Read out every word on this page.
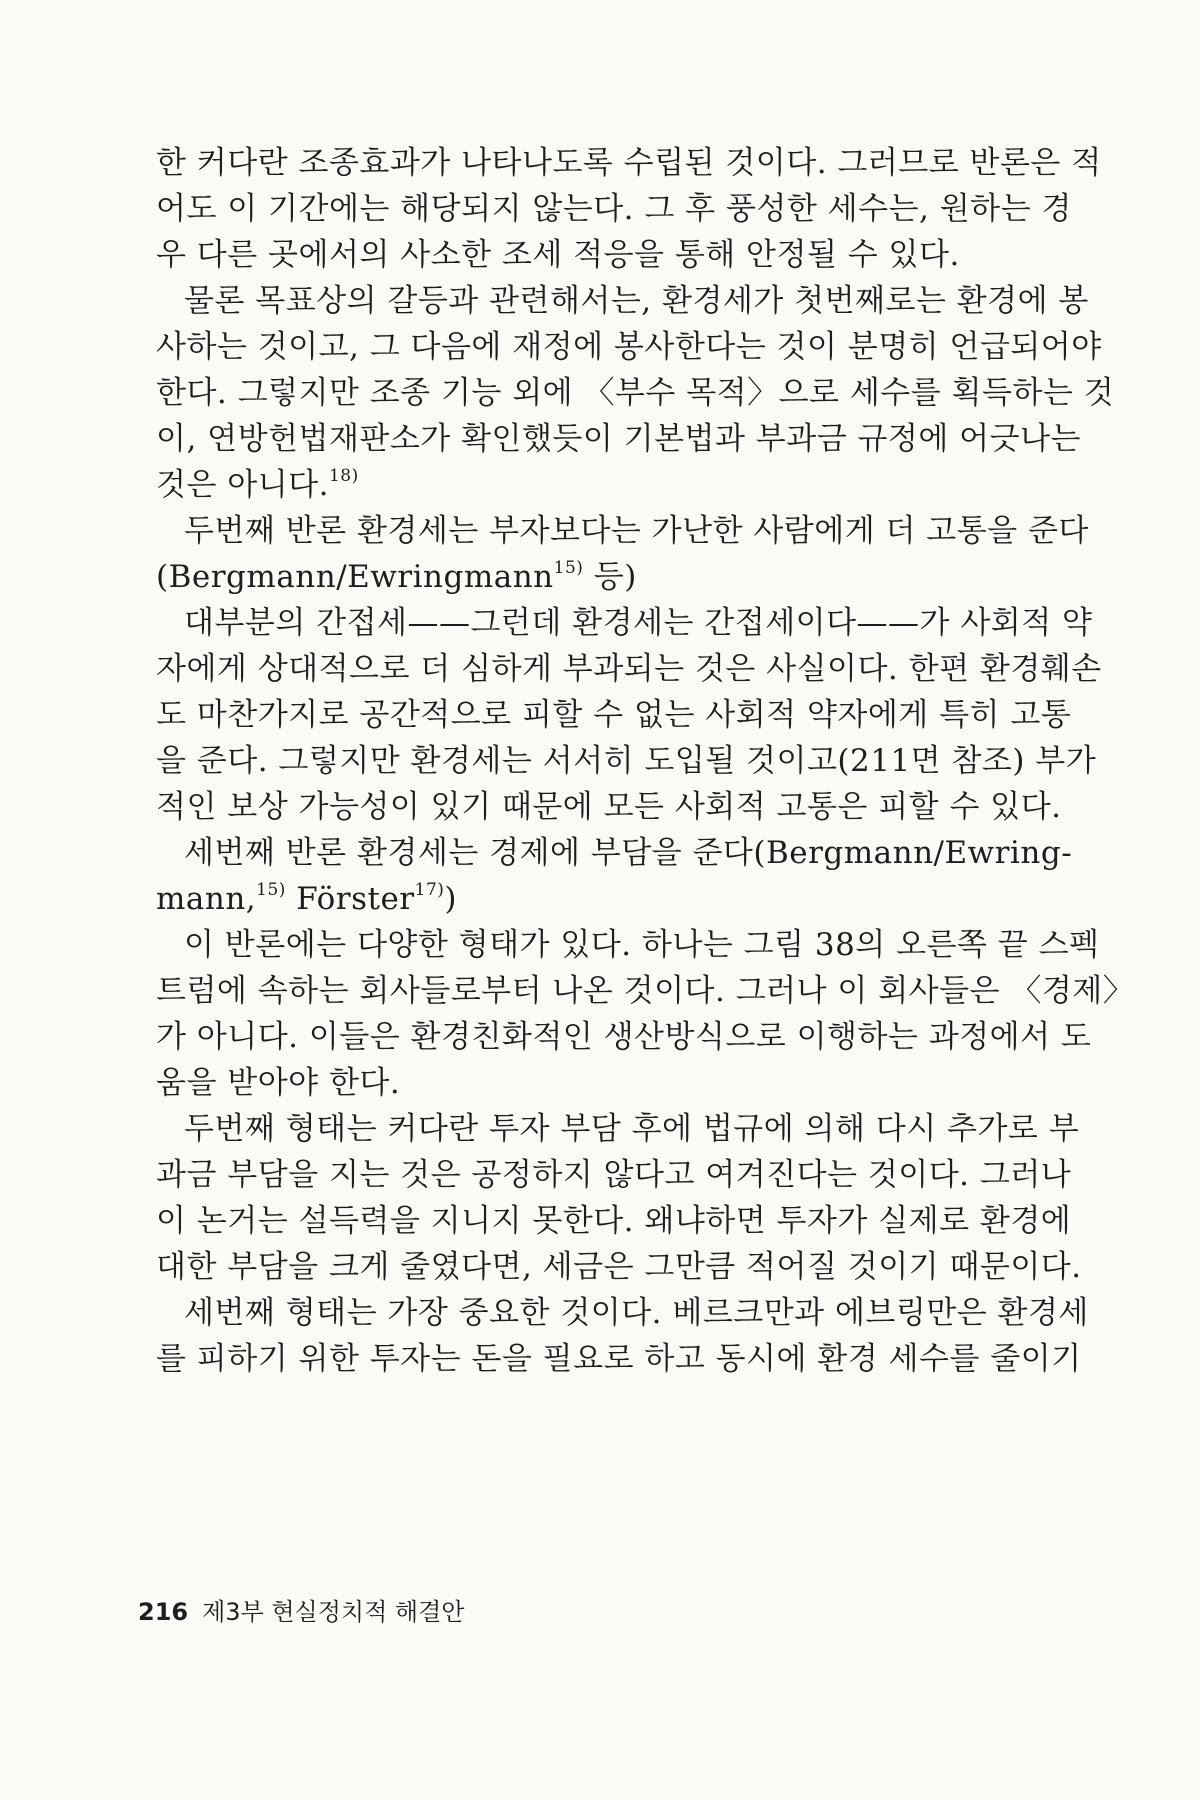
한 커다란 조종효과가 나타나도록 수립된 것이다. 그러므로 반론은 적
어도 이 기간에는 해당되지 않는다. 그 후 풍성한 세수는, 원하는 경
우 다른 곳에서의 사소한 조세 적응을 통해 안정될 수 있다.
물론 목표상의 갈등과 관련해서는, 환경세가 첫번째로는 환경에 봉
사하는 것이고, 그 다음에 재정에 봉사한다는 것이 분명히 언급되어야
한다. 그렇지만 조종 기능 외에 〈부수 목적〉으로 세수를 획득하는 것
이, 연방헌법재판소가 확인했듯이 기본법과 부과금 규정에 어긋나는
것은 아니다.$^{18)}$
두번째 반론 환경세는 부자보다는 가난한 사람에게 더 고통을 준다
(Bergmann/Ewringmann$^{15)}$ 등)
대부분의 간접세——그런데 환경세는 간접세이다——가 사회적 약
자에게 상대적으로 더 심하게 부과되는 것은 사실이다. 한편 환경훼손
도 마찬가지로 공간적으로 피할 수 없는 사회적 약자에게 특히 고통
을 준다. 그렇지만 환경세는 서서히 도입될 것이고(211면 참조) 부가
적인 보상 가능성이 있기 때문에 모든 사회적 고통은 피할 수 있다.
세번째 반론 환경세는 경제에 부담을 준다(Bergmann/Ewring-
mann,$^{15)}$ Förster$^{17)}$)
이 반론에는 다양한 형태가 있다. 하나는 그림 38의 오른쪽 끝 스펙
트럼에 속하는 회사들로부터 나온 것이다. 그러나 이 회사들은 〈경제〉
가 아니다. 이들은 환경친화적인 생산방식으로 이행하는 과정에서 도
움을 받아야 한다.
두번째 형태는 커다란 투자 부담 후에 법규에 의해 다시 추가로 부
과금 부담을 지는 것은 공정하지 않다고 여겨진다는 것이다. 그러나
이 논거는 설득력을 지니지 못한다. 왜냐하면 투자가 실제로 환경에
대한 부담을 크게 줄였다면, 세금은 그만큼 적어질 것이기 때문이다.
세번째 형태는 가장 중요한 것이다. 베르크만과 에브링만은 환경세
를 피하기 위한 투자는 돈을 필요로 하고 동시에 환경 세수를 줄이기
216 제3부 현실정치적 해결안
